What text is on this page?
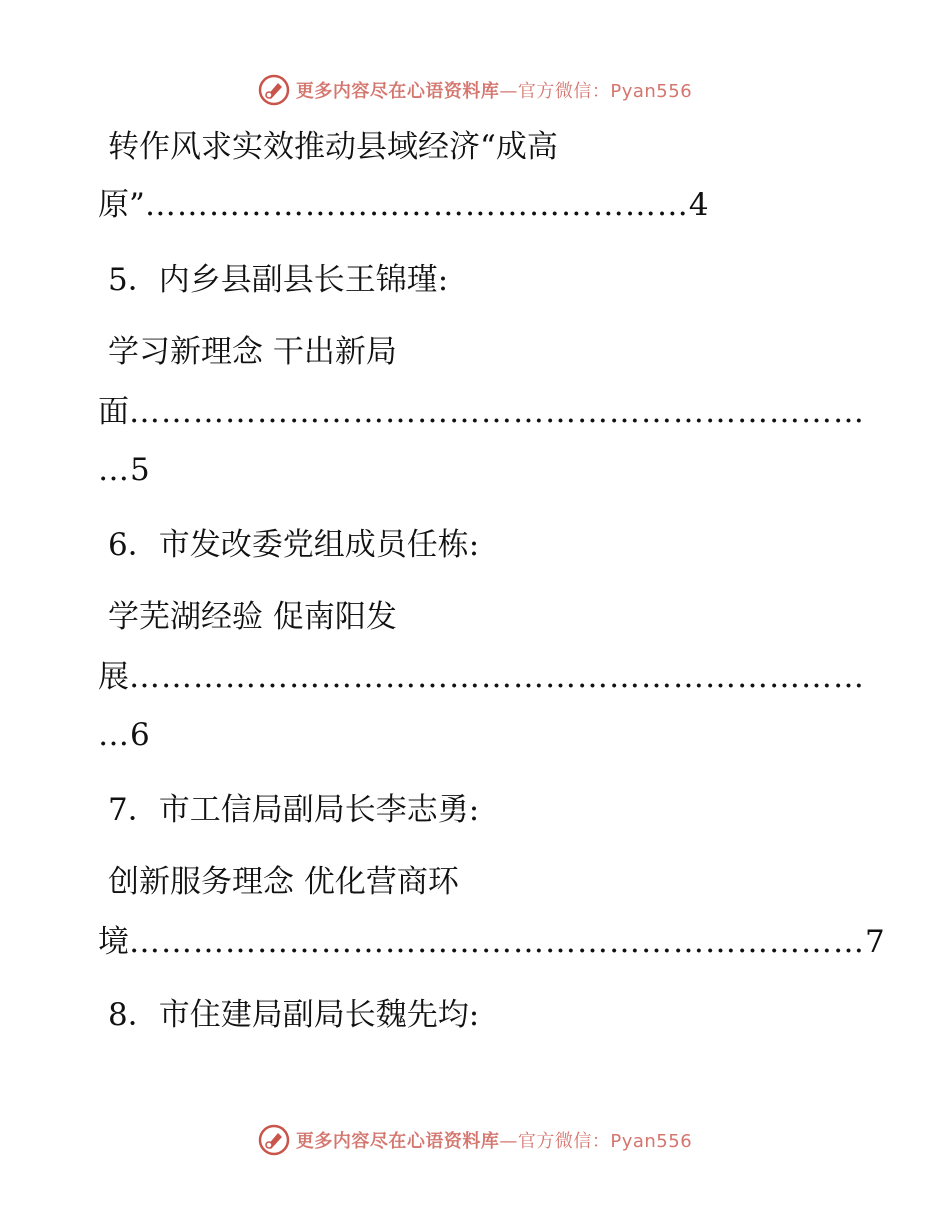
更多内容尽在心语资料库—官方微信：Pyan556
转作风求实效推动县域经济“成高
原”……………………………………………4
5．内乡县副县长王锦瑾:
学习新理念 干出新局
面……………………………………………………………
…5
6．市发改委党组成员任栋:
学芜湖经验 促南阳发
展……………………………………………………………
…6
7．市工信局副局长李志勇:
创新服务理念 优化营商环
境……………………………………………………………7
8．市住建局副局长魏先均:
更多内容尽在心语资料库—官方微信：Pyan556
